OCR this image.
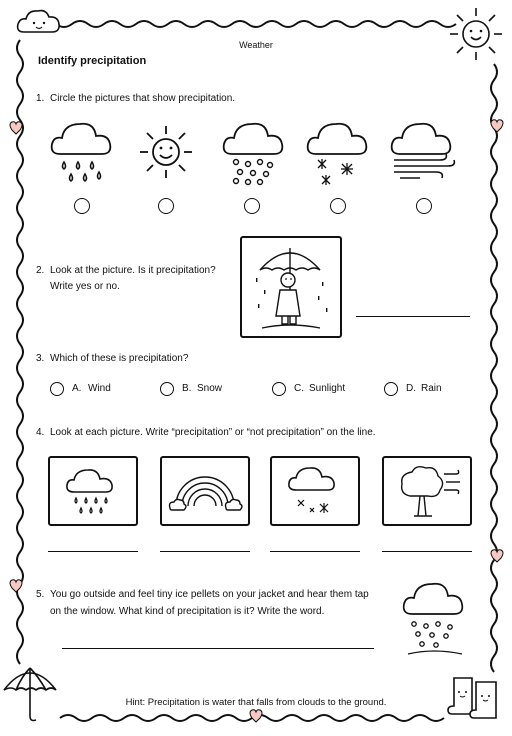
Weather
Identify precipitation
1. Circle the pictures that show precipitation.
2. Look at the picture. Is it precipitation?
Write yes or no.
3. Which of these is precipitation?
A. Wind	B. Snow	C. Sunlight	D. Rain
4. Look at each picture. Write “precipitation” or “not precipitation” on the line.
5. You go outside and feel tiny ice pellets on your jacket and hear them tap
on the window. What kind of precipitation is it? Write the word.
Hint: Precipitation is water that falls from clouds to the ground.
